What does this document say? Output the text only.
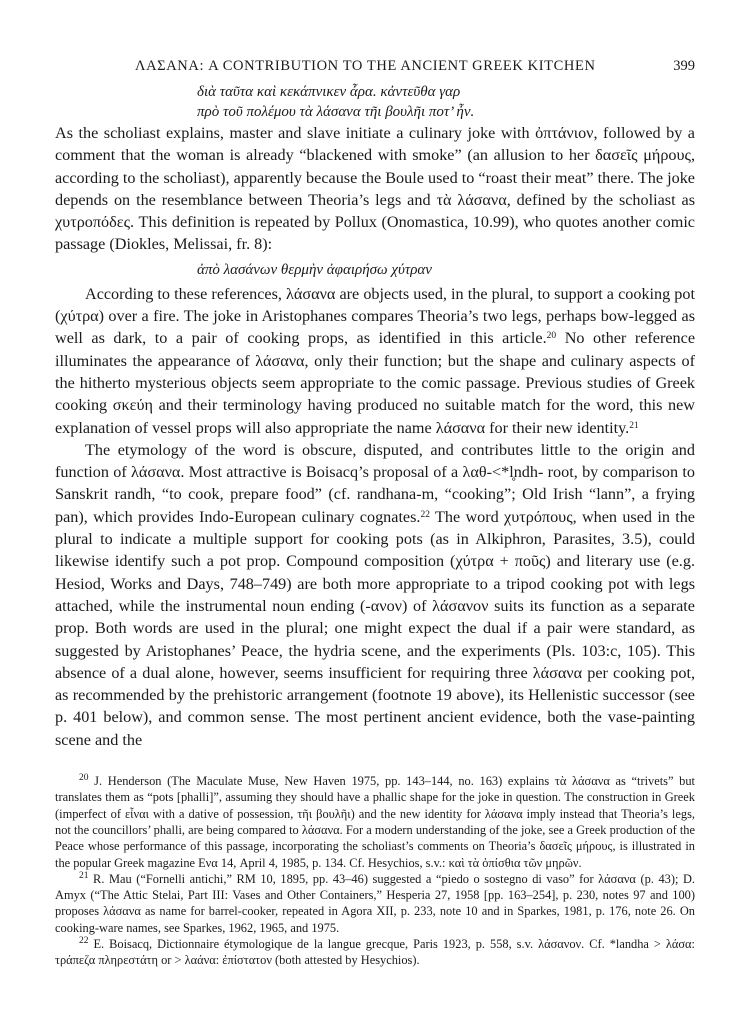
ΛΑΣΑΝΑ: A CONTRIBUTION TO THE ANCIENT GREEK KITCHEN	399
διὰ ταῦτα καὶ κεκάπνικεν ἆρα. κἀντεῦθα γαρ
πρὸ τοῦ πολέμου τὰ λάσανα τῆι βουλῆι ποτ’ ἦν.

As the scholiast explains, master and slave initiate a culinary joke with ὀπτάνιον, followed by a comment that the woman is already “blackened with smoke” (an allusion to her δασεῖς μήρους, according to the scholiast), apparently because the Boule used to “roast their meat” there. The joke depends on the resemblance between Theoria’s legs and τὰ λάσανα, defined by the scholiast as χυτροπόδες. This definition is repeated by Pollux (Onomastica, 10.99), who quotes another comic passage (Diokles, Melissai, fr. 8):

ἀπὸ λασάνων θερμὴν ἀφαιρήσω χύτραν

According to these references, λάσανα are objects used, in the plural, to support a cooking pot (χύτρα) over a fire. The joke in Aristophanes compares Theoria’s two legs, perhaps bow-legged as well as dark, to a pair of cooking props, as identified in this article.$^{20}$ No other reference illuminates the appearance of λάσανα, only their function; but the shape and culinary aspects of the hitherto mysterious objects seem appropriate to the comic passage. Previous studies of Greek cooking σκεύη and their terminology having produced no suitable match for the word, this new explanation of vessel props will also appropriate the name λάσανα for their new identity.$^{21}$

The etymology of the word is obscure, disputed, and contributes little to the origin and function of λάσανα. Most attractive is Boisacq’s proposal of a λαθ-<*l̥ndh- root, by comparison to Sanskrit randh, “to cook, prepare food” (cf. randhana-m, “cooking”; Old Irish “lann”, a frying pan), which provides Indo-European culinary cognates.$^{22}$ The word χυτρόπους, when used in the plural to indicate a multiple support for cooking pots (as in Alkiphron, Parasites, 3.5), could likewise identify such a pot prop. Compound composition (χύτρα + ποῦς) and literary use (e.g. Hesiod, Works and Days, 748–749) are both more appropriate to a tripod cooking pot with legs attached, while the instrumental noun ending (-ανον) of λάσανον suits its function as a separate prop. Both words are used in the plural; one might expect the dual if a pair were standard, as suggested by Aristophanes’ Peace, the hydria scene, and the experiments (Pls. 103:c, 105). This absence of a dual alone, however, seems insufficient for requiring three λάσανα per cooking pot, as recommended by the prehistoric arrangement (footnote 19 above), its Hellenistic successor (see p. 401 below), and common sense. The most pertinent ancient evidence, both the vase-painting scene and the

$^{20}$ J. Henderson (The Maculate Muse, New Haven 1975, pp. 143–144, no. 163) explains τὰ λάσανα as “trivets” but translates them as “pots [phalli]”, assuming they should have a phallic shape for the joke in question. The construction in Greek (imperfect of εἶναι with a dative of possession, τῆι βουλῆι) and the new identity for λάσανα imply instead that Theoria’s legs, not the councillors’ phalli, are being compared to λάσανα. For a modern understanding of the joke, see a Greek production of the Peace whose performance of this passage, incorporating the scholiast’s comments on Theoria’s δασεῖς μήρους, is illustrated in the popular Greek magazine Ενα 14, April 4, 1985, p. 134. Cf. Hesychios, s.v.: καὶ τὰ ὀπίσθια τῶν μηρῶν.

$^{21}$ R. Mau (“Fornelli antichi,” RM 10, 1895, pp. 43–46) suggested a “piedo o sostegno di vaso” for λάσανα (p. 43); D. Amyx (“The Attic Stelai, Part III: Vases and Other Containers,” Hesperia 27, 1958 [pp. 163–254], p. 230, notes 97 and 100) proposes λάσανα as name for barrel-cooker, repeated in Agora XII, p. 233, note 10 and in Sparkes, 1981, p. 176, note 26. On cooking-ware names, see Sparkes, 1962, 1965, and 1975.

$^{22}$ E. Boisacq, Dictionnaire étymologique de la langue grecque, Paris 1923, p. 558, s.v. λάσανον. Cf. *landha > λάσα: τράπεζα πληρεστάτη or > λαάνα: ἐπίστατον (both attested by Hesychios).
